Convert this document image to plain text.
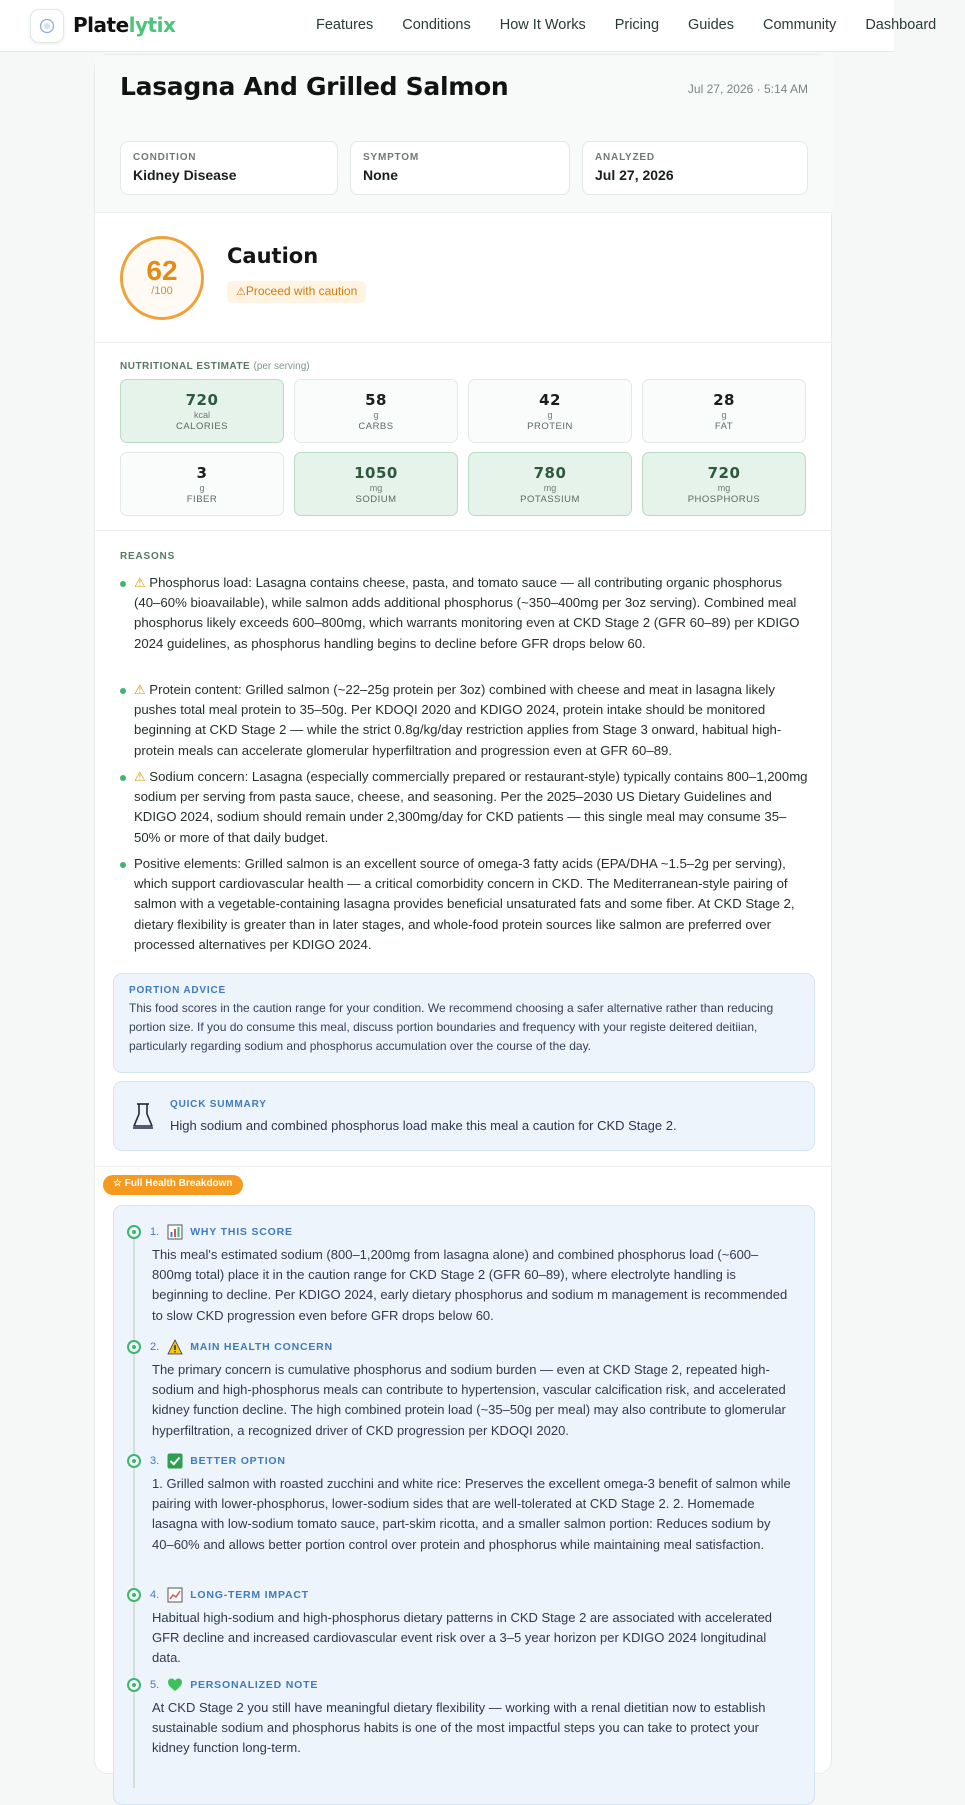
Platelytix	Features Conditions How It Works Pricing Guides Community Dashboard
Lasagna And Grilled Salmon	Jul 27, 2026 · 5:14 AM
CONDITION
Kidney Disease
SYMPTOM
None
ANALYZED
Jul 27, 2026
62
/100
Caution
⚠Proceed with caution
NUTRITIONAL ESTIMATE (per serving)
720
kcal
CALORIES
58
g
CARBS
42
g
PROTEIN
28
g
FAT
3
g
FIBER
1050
mg
SODIUM
780
mg
POTASSIUM
720
mg
PHOSPHORUS
REASONS
⚠ Phosphorus load: Lasagna contains cheese, pasta, and tomato sauce — all contributing organic phosphorus (40–60% bioavailable), while salmon adds additional phosphorus (~350–400mg per 3oz serving). Combined meal phosphorus likely exceeds 600–800mg, which warrants monitoring even at CKD Stage 2 (GFR 60–89) per KDIGO 2024 guidelines, as phosphorus handling begins to decline before GFR drops below 60.
⚠ Protein content: Grilled salmon (~22–25g protein per 3oz) combined with cheese and meat in lasagna likely pushes total meal protein to 35–50g. Per KDOQI 2020 and KDIGO 2024, protein intake should be monitored beginning at CKD Stage 2 — while the strict 0.8g/kg/day restriction applies from Stage 3 onward, habitual high-protein meals can accelerate glomerular hyperfiltration and progression even at GFR 60–89.
⚠ Sodium concern: Lasagna (especially commercially prepared or restaurant-style) typically contains 800–1,200mg sodium per serving from pasta sauce, cheese, and seasoning. Per the 2025–2030 US Dietary Guidelines and KDIGO 2024, sodium should remain under 2,300mg/day for CKD patients — this single meal may consume 35–50% or more of that daily budget.
Positive elements: Grilled salmon is an excellent source of omega-3 fatty acids (EPA/DHA ~1.5–2g per serving), which support cardiovascular health — a critical comorbidity concern in CKD. The Mediterranean-style pairing of salmon with a vegetable-containing lasagna provides beneficial unsaturated fats and some fiber. At CKD Stage 2, dietary flexibility is greater than in later stages, and whole-food protein sources like salmon are preferred over processed alternatives per KDIGO 2024.
PORTION ADVICE
This food scores in the caution range for your condition. We recommend choosing a safer alternative rather than reducing portion size. If you do consume this meal, discuss portion boundaries and frequency with your registe deitered deitiian, particularly regarding sodium and phosphorus accumulation over the course of the day.
QUICK SUMMARY
High sodium and combined phosphorus load make this meal a caution for CKD Stage 2.
☆ Full Health Breakdown
1.	WHY THIS SCORE
This meal's estimated sodium (800–1,200mg from lasagna alone) and combined phosphorus load (~600–800mg total) place it in the caution range for CKD Stage 2 (GFR 60–89), where electrolyte handling is beginning to decline. Per KDIGO 2024, early dietary phosphorus and sodium m management is recommended to slow CKD progression even before GFR drops below 60.
2.	MAIN HEALTH CONCERN
The primary concern is cumulative phosphorus and sodium burden — even at CKD Stage 2, repeated high-sodium and high-phosphorus meals can contribute to hypertension, vascular calcification risk, and accelerated kidney function decline. The high combined protein load (~35–50g per meal) may also contribute to glomerular hyperfiltration, a recognized driver of CKD progression per KDOQI 2020.
3.	BETTER OPTION
1. Grilled salmon with roasted zucchini and white rice: Preserves the excellent omega-3 benefit of salmon while pairing with lower-phosphorus, lower-sodium sides that are well-tolerated at CKD Stage 2. 2. Homemade lasagna with low-sodium tomato sauce, part-skim ricotta, and a smaller salmon portion: Reduces sodium by 40–60% and allows better portion control over protein and phosphorus while maintaining meal satisfaction.
4.	LONG-TERM IMPACT
Habitual high-sodium and high-phosphorus dietary patterns in CKD Stage 2 are associated with accelerated GFR decline and increased cardiovascular event risk over a 3–5 year horizon per KDIGO 2024 longitudinal data.
5.	PERSONALIZED NOTE
At CKD Stage 2 you still have meaningful dietary flexibility — working with a renal dietitian now to establish sustainable sodium and phosphorus habits is one of the most impactful steps you can take to protect your kidney function long-term.
